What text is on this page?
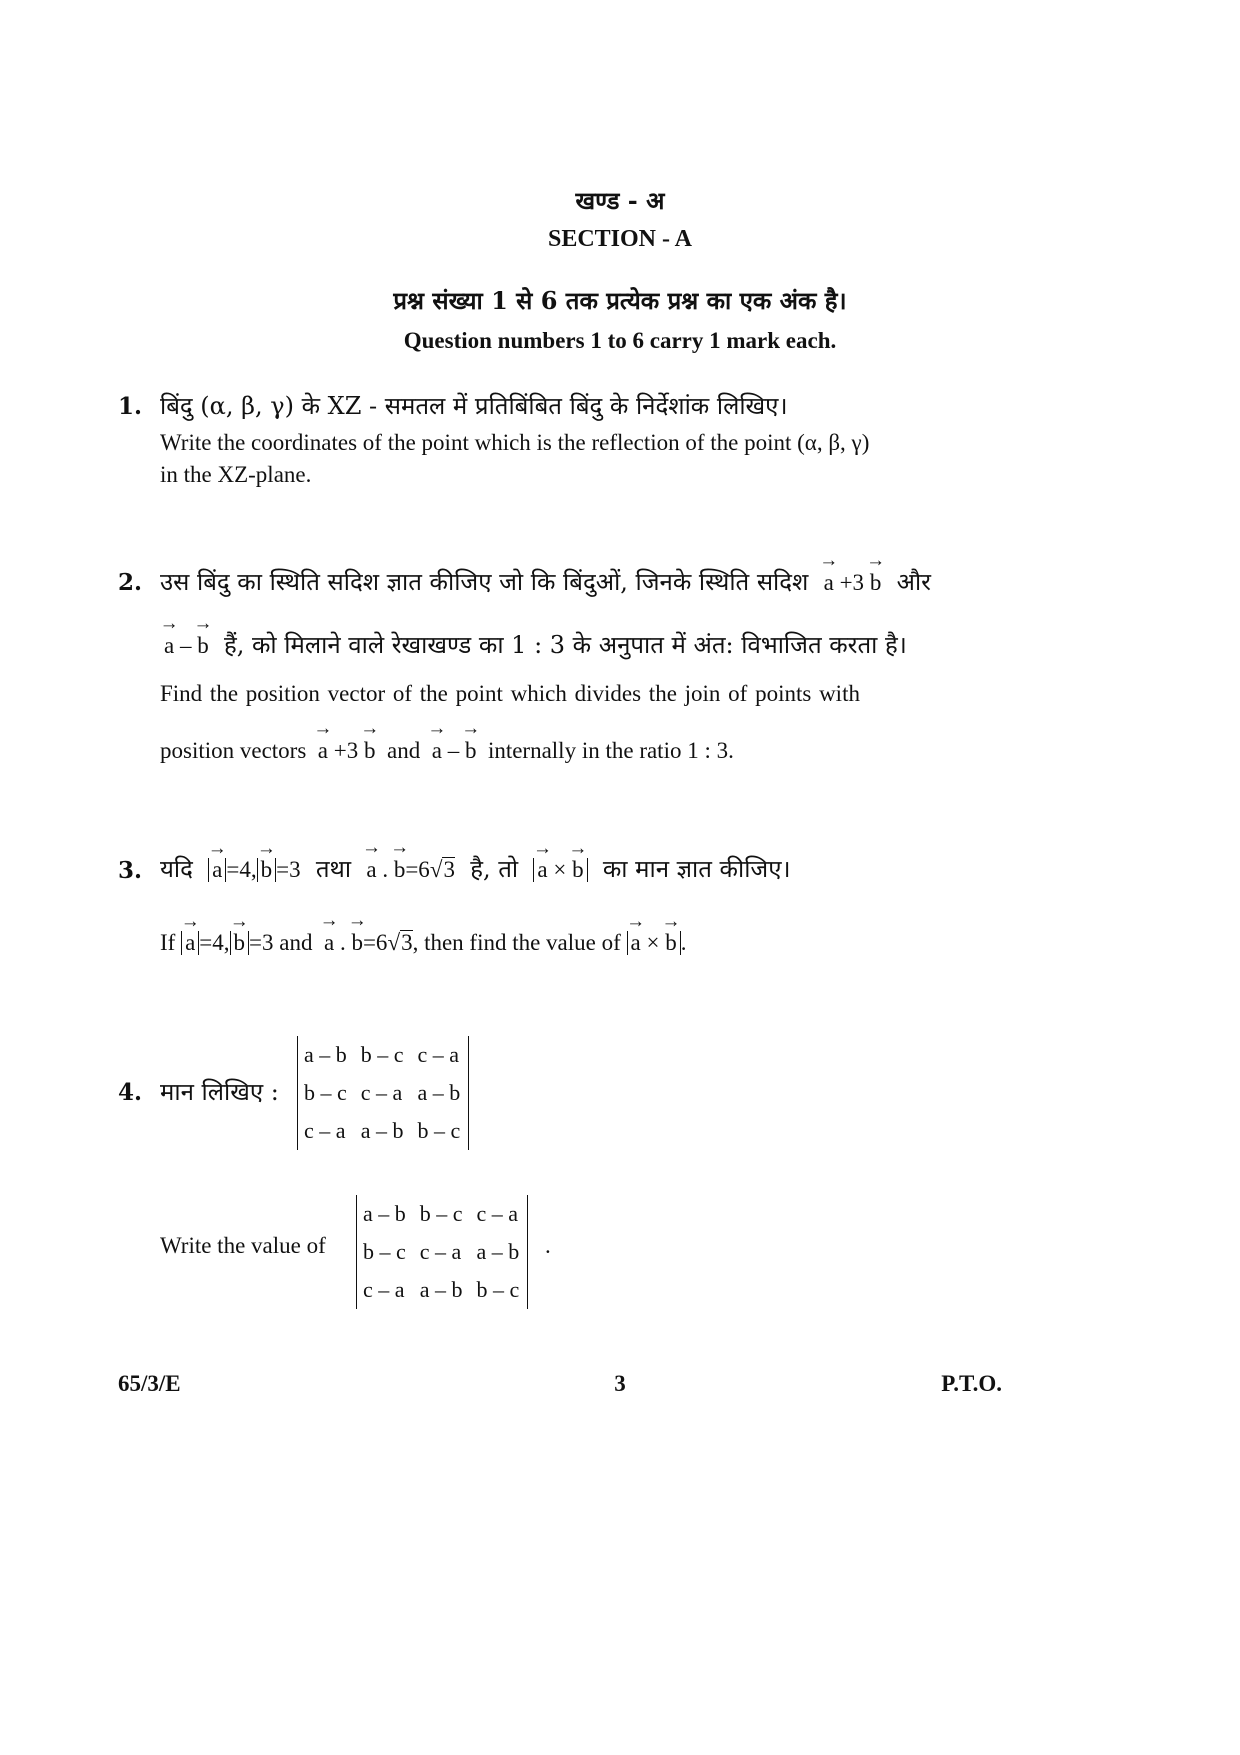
खण्ड - अ
SECTION - A
प्रश्न संख्या 1 से 6 तक प्रत्येक प्रश्न का एक अंक है।
Question numbers 1 to 6 carry 1 mark each.
1. बिंदु (α, β, γ) के XZ - समतल में प्रतिबिंबित बिंदु के निर्देशांक लिखिए।
Write the coordinates of the point which is the reflection of the point (α, β, γ)
in the XZ-plane.
2. उस बिंदु का स्थिति सदिश ज्ञात कीजिए जो कि बिंदुओं, जिनके स्थिति सदिश → a +3 → b और
→ a – → b हैं, को मिलाने वाले रेखाखण्ड का 1 : 3 के अनुपात में अंत: विभाजित करता है।
Find the position vector of the point which divides the join of points with
position vectors → a +3 → b and → a – → b internally in the ratio 1 : 3.
3. यदि → a =4, → b =3 तथा → a . → b=6√3 है, तो → a × → b का मान ज्ञात कीजिए।
If → a =4, → b =3 and → a . → b=6√3, then find the value of → a × → b .
4. मान लिखिए :
a – b	b – c	c – a
b – c	c – a	a – b
c – a	a – b	b – c
Write the value of
a – b	b – c	c – a
b – c	c – a	a – b
c – a	a – b	b – c
.
65/3/E	3	P.T.O.
